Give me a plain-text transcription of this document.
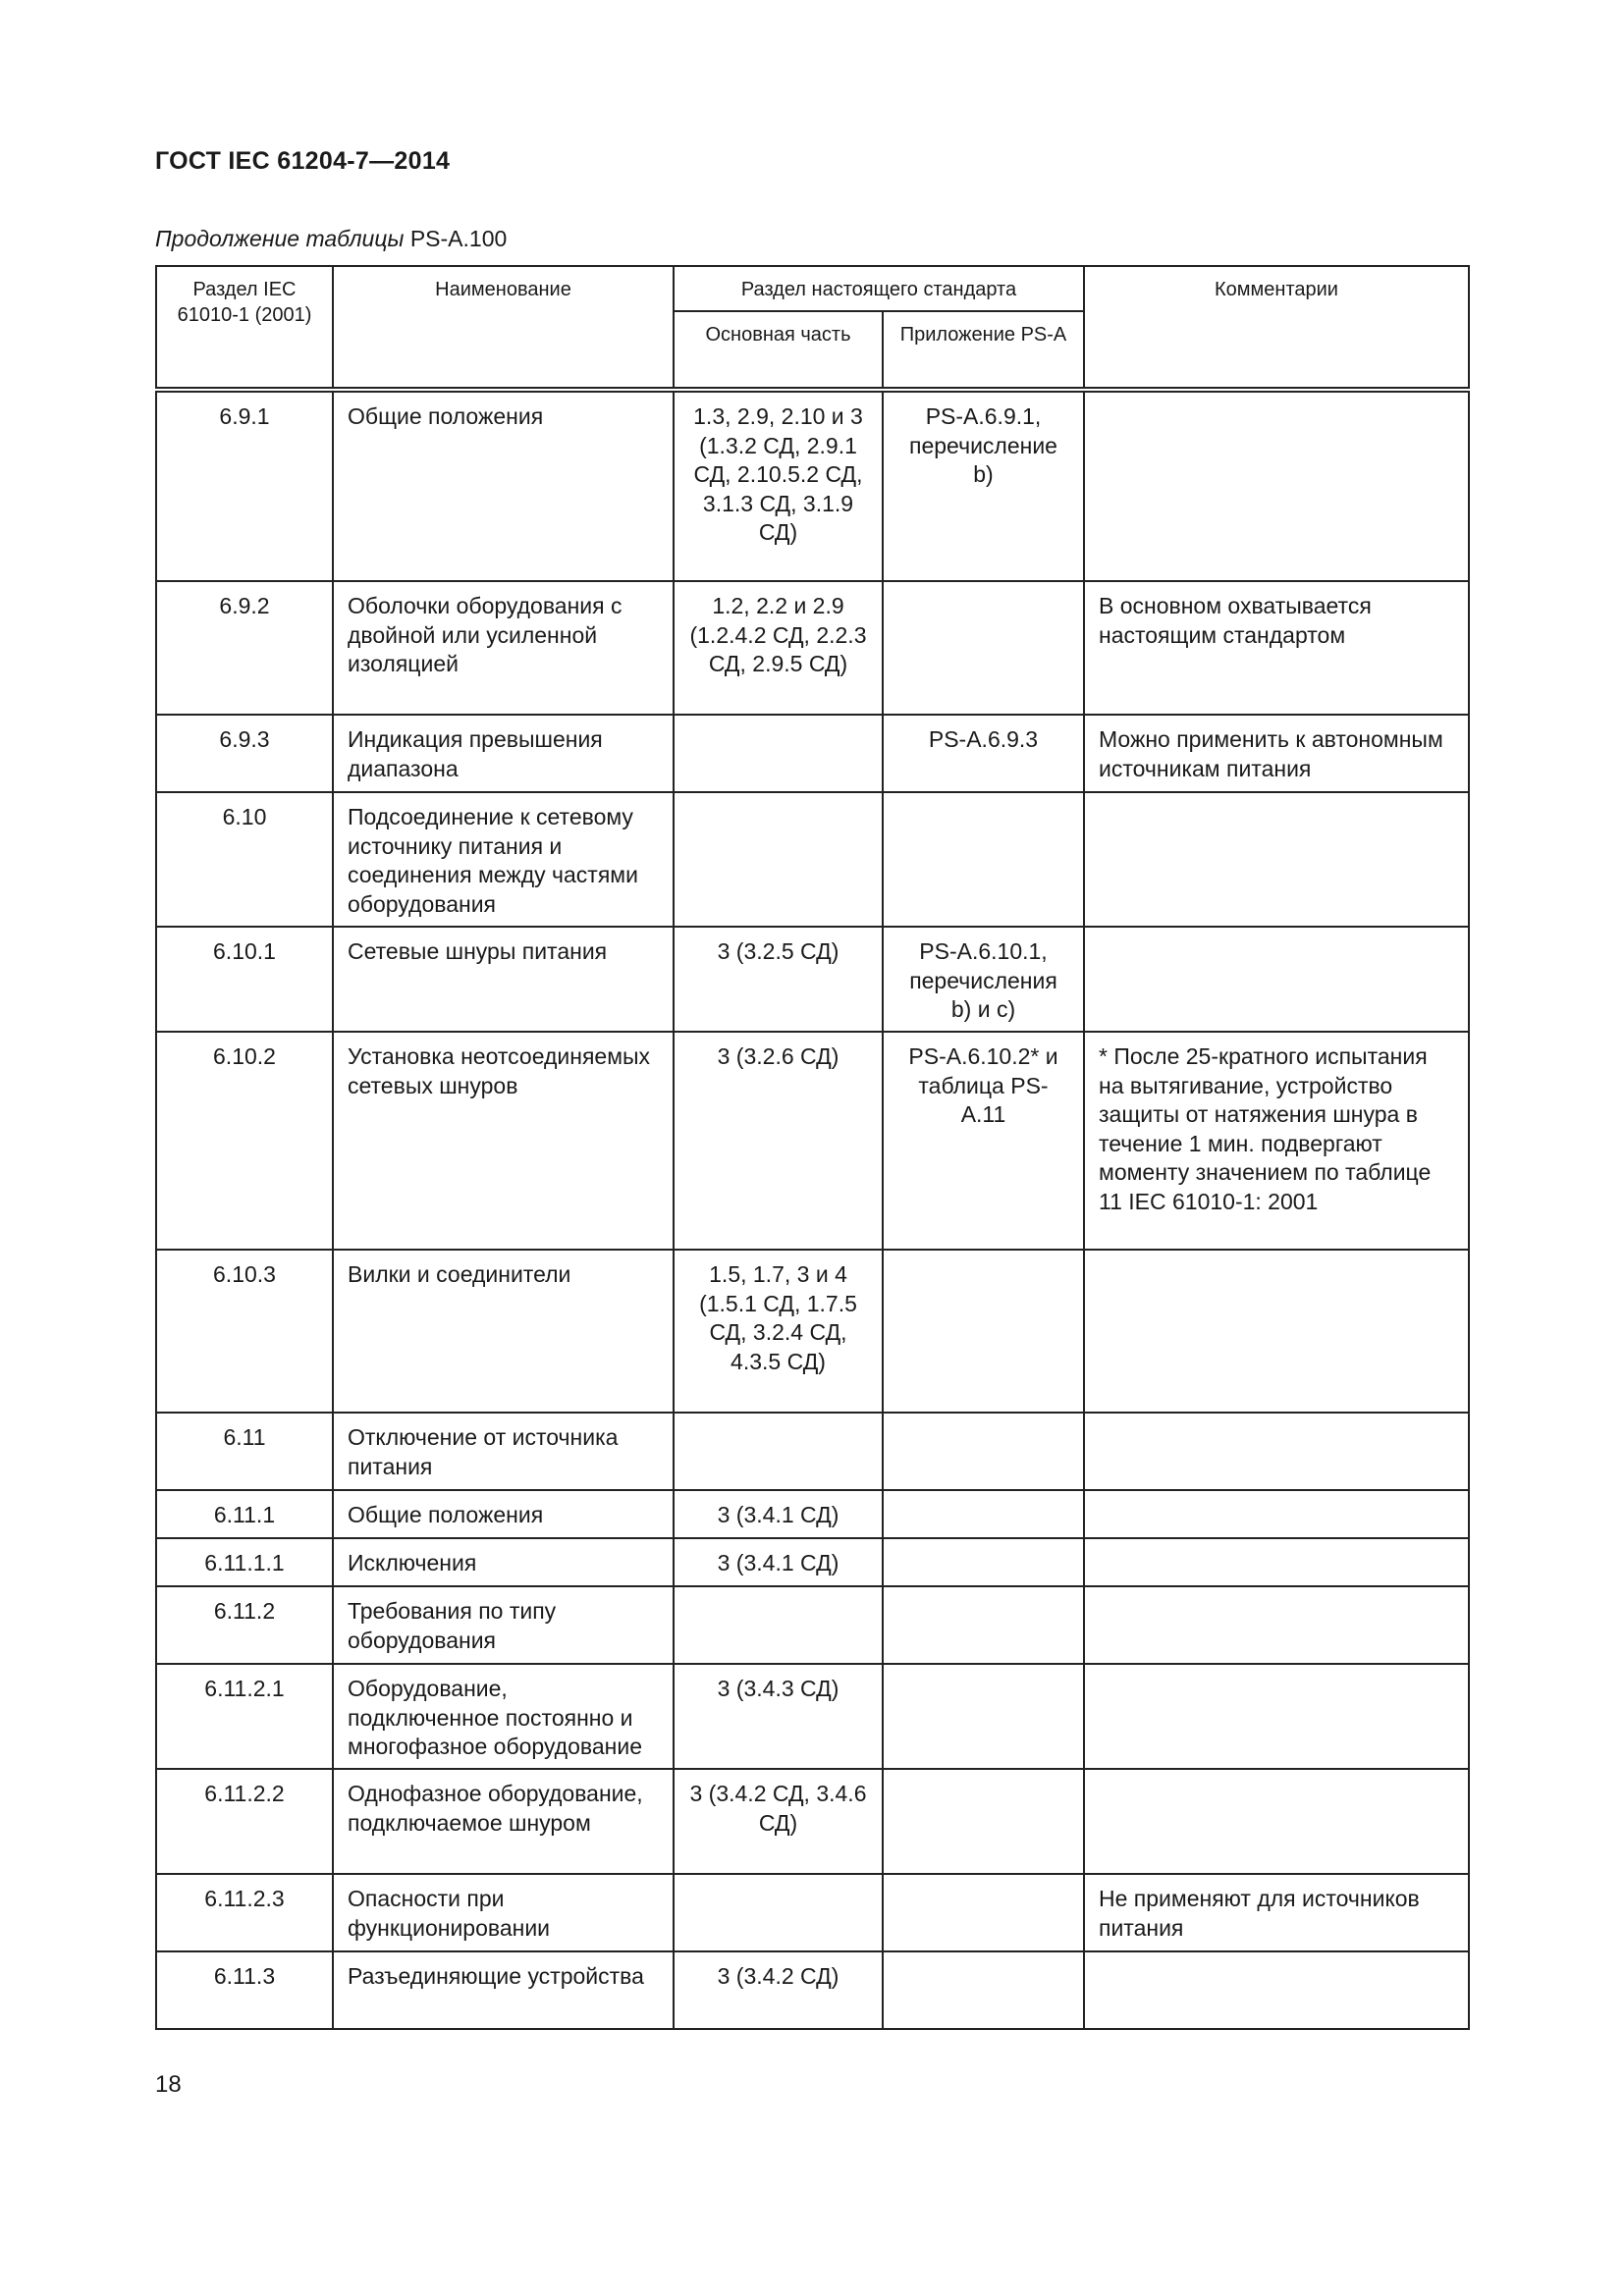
ГОСТ IEC 61204-7—2014
Продолжение таблицы PS-A.100
Раздел IEC 61010-1 (2001)	Наименование	Раздел настоящего стандарта		Комментарии
		Основная часть	Приложение PS-A	
6.9.1	Общие положения	1.3, 2.9, 2.10 и 3 (1.3.2 СД, 2.9.1 СД, 2.10.5.2 СД, 3.1.3 СД, 3.1.9 СД)	PS-A.6.9.1, перечисление b)	
6.9.2	Оболочки оборудования с двойной или усиленной изоляцией	1.2, 2.2 и 2.9 (1.2.4.2 СД, 2.2.3 СД, 2.9.5 СД)		В основном охватывается настоящим стандартом
6.9.3	Индикация превышения диапазона		PS-A.6.9.3	Можно применить к автономным источникам питания
6.10	Подсоединение к сетевому источнику питания и соединения между частями оборудования			
6.10.1	Сетевые шнуры питания	3 (3.2.5 СД)	PS-A.6.10.1, перечисления b) и c)	
6.10.2	Установка неотсоединяемых сетевых шнуров	3 (3.2.6 СД)	PS-A.6.10.2* и таблица PS-A.11	* После 25-кратного испытания на вытягивание, устройство защиты от натяжения шнура в течение 1 мин. подвергают моменту значением по таблице 11 IEC 61010-1: 2001
6.10.3	Вилки и соединители	1.5, 1.7, 3 и 4 (1.5.1 СД, 1.7.5 СД, 3.2.4 СД, 4.3.5 СД)		
6.11	Отключение от источника питания			
6.11.1	Общие положения	3 (3.4.1 СД)		
6.11.1.1	Исключения	3 (3.4.1 СД)		
6.11.2	Требования по типу оборудования			
6.11.2.1	Оборудование, подключенное постоянно и многофазное оборудование	3 (3.4.3 СД)		
6.11.2.2	Однофазное оборудование, подключаемое шнуром	3 (3.4.2 СД, 3.4.6 СД)		
6.11.2.3	Опасности при функционировании			Не применяют для источников питания
6.11.3	Разъединяющие устройства	3 (3.4.2 СД)		
18
